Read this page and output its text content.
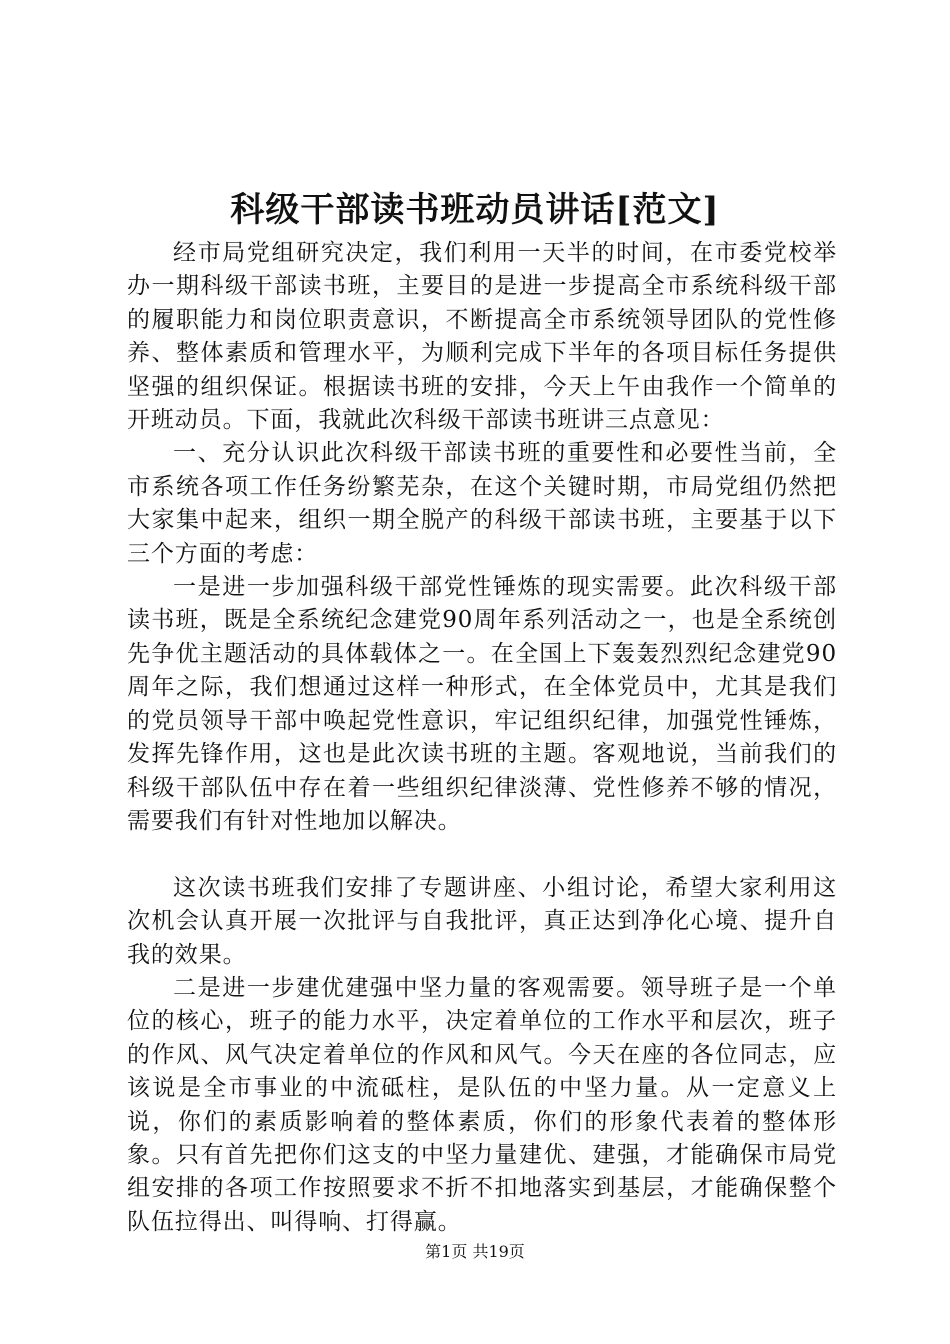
科级干部读书班动员讲话[范文]

经市局党组研究决定，我们利用一天半的时间，在市委党校举办一期科级干部读书班，主要目的是进一步提高全市系统科级干部的履职能力和岗位职责意识，不断提高全市系统领导团队的党性修养、整体素质和管理水平，为顺利完成下半年的各项目标任务提供坚强的组织保证。根据读书班的安排，今天上午由我作一个简单的开班动员。下面，我就此次科级干部读书班讲三点意见：

一、充分认识此次科级干部读书班的重要性和必要性当前，全市系统各项工作任务纷繁芜杂，在这个关键时期，市局党组仍然把大家集中起来，组织一期全脱产的科级干部读书班，主要基于以下三个方面的考虑：

一是进一步加强科级干部党性锤炼的现实需要。此次科级干部读书班，既是全系统纪念建党90周年系列活动之一，也是全系统创先争优主题活动的具体载体之一。在全国上下轰轰烈烈纪念建党90周年之际，我们想通过这样一种形式，在全体党员中，尤其是我们的党员领导干部中唤起党性意识，牢记组织纪律，加强党性锤炼，发挥先锋作用，这也是此次读书班的主题。客观地说，当前我们的科级干部队伍中存在着一些组织纪律淡薄、党性修养不够的情况，需要我们有针对性地加以解决。

这次读书班我们安排了专题讲座、小组讨论，希望大家利用这次机会认真开展一次批评与自我批评，真正达到净化心境、提升自我的效果。

二是进一步建优建强中坚力量的客观需要。领导班子是一个单位的核心，班子的能力水平，决定着单位的工作水平和层次，班子的作风、风气决定着单位的作风和风气。今天在座的各位同志，应该说是全市事业的中流砥柱，是队伍的中坚力量。从一定意义上说，你们的素质影响着的整体素质，你们的形象代表着的整体形象。只有首先把你们这支的中坚力量建优、建强，才能确保市局党组安排的各项工作按照要求不折不扣地落实到基层，才能确保整个队伍拉得出、叫得响、打得赢。

第1页 共19页
